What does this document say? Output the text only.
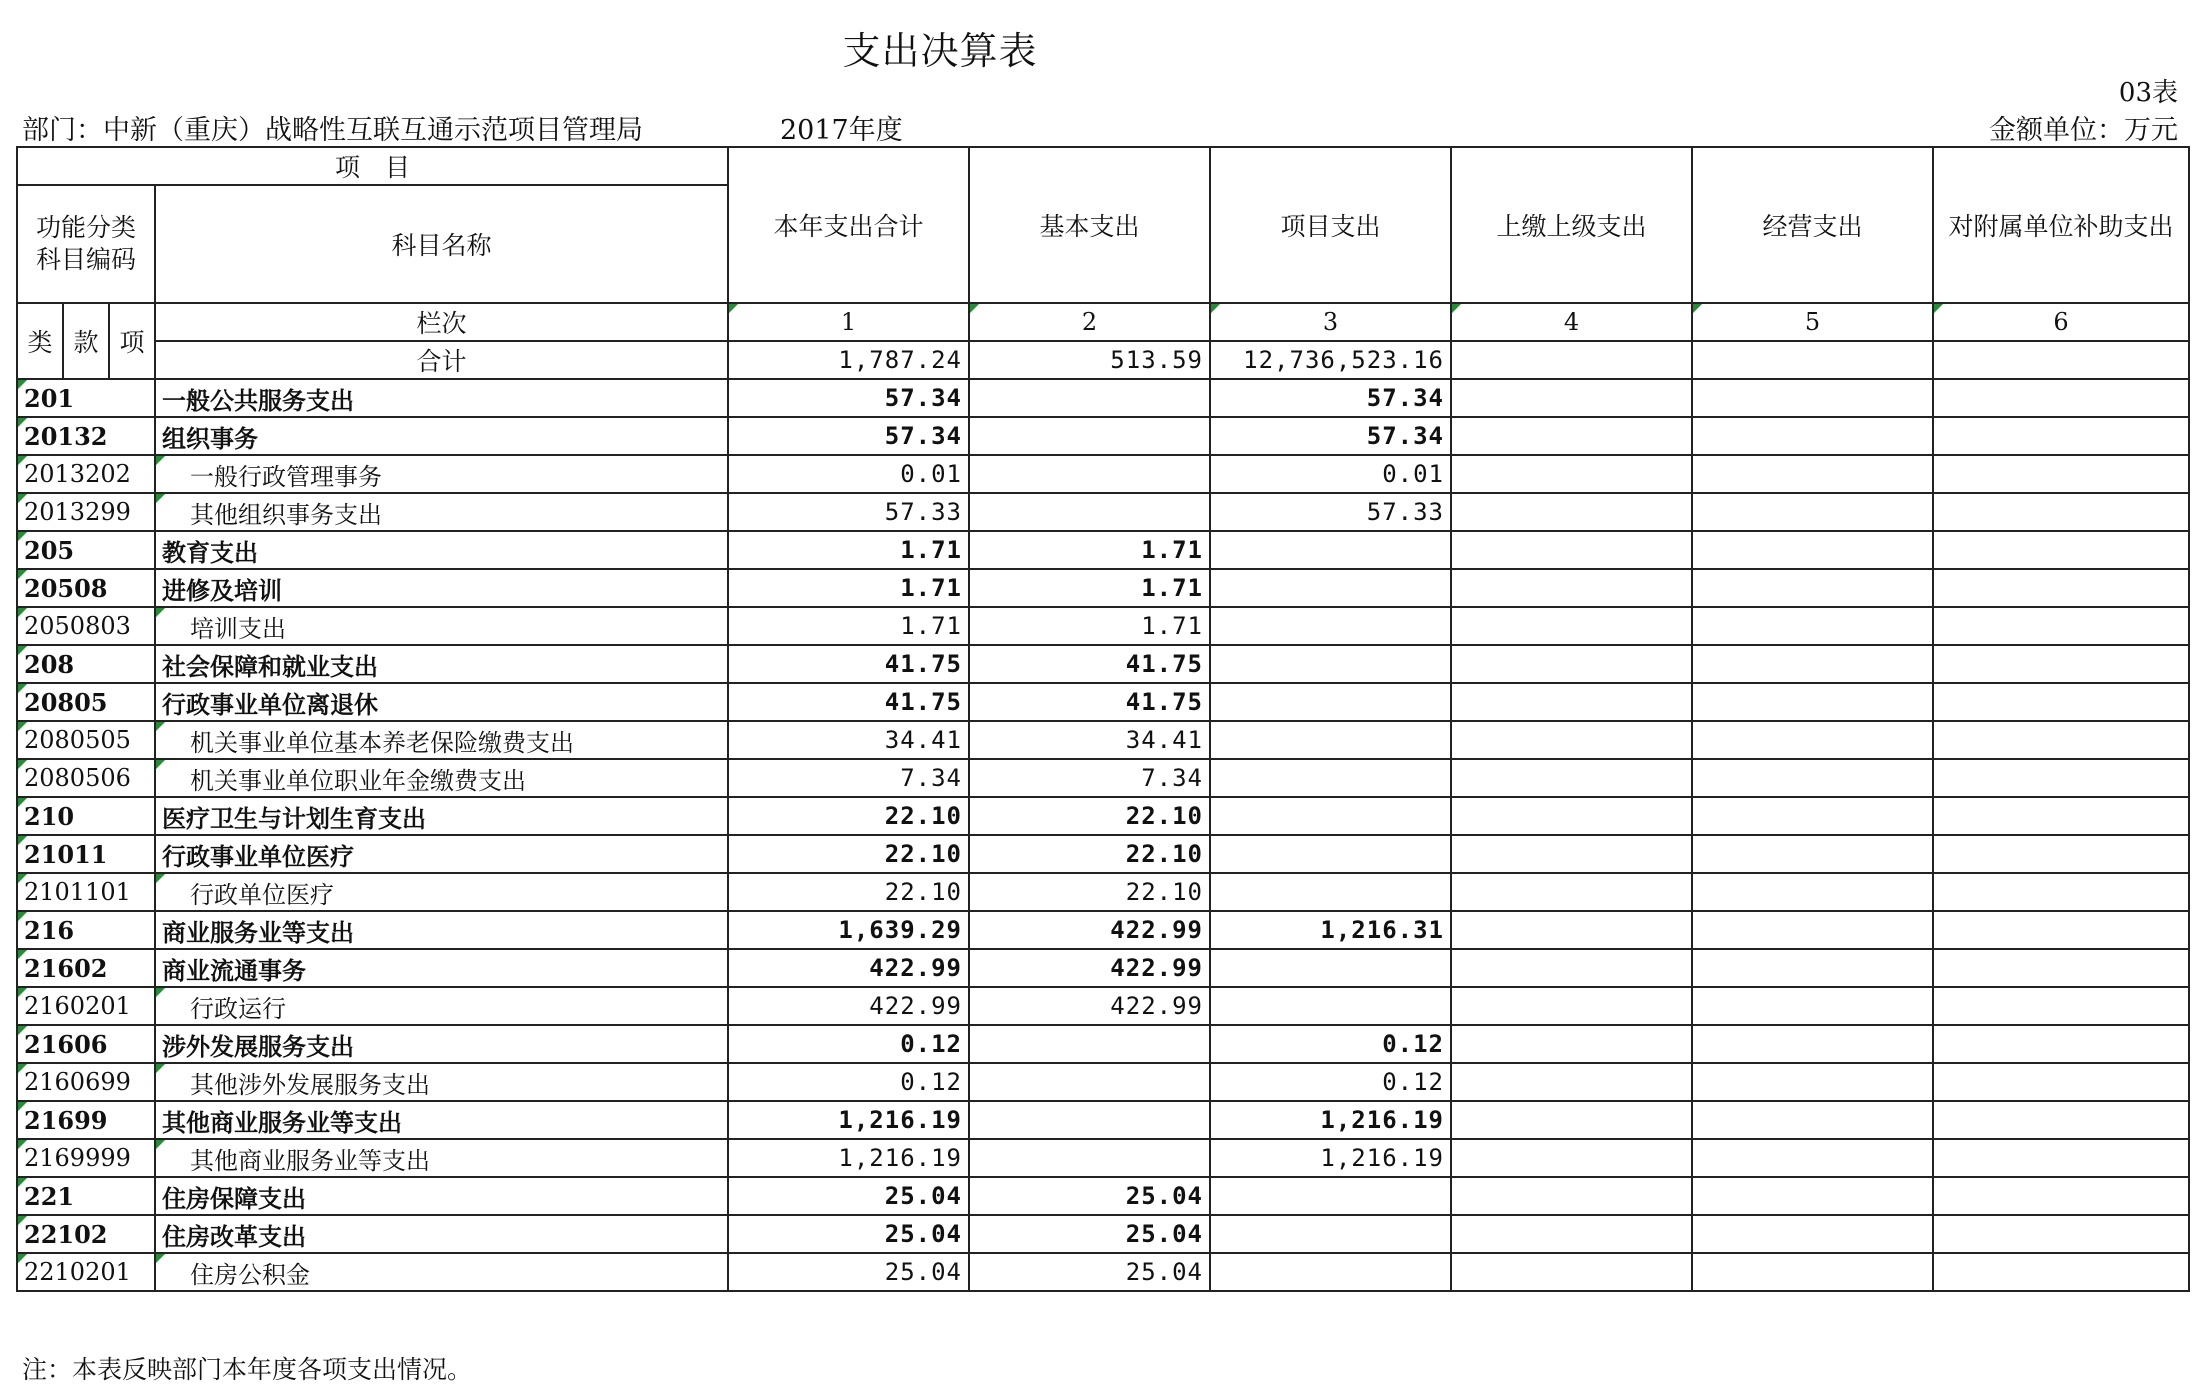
支出决算表
03表
部门：中新（重庆）战略性互联互通示范项目管理局	2017年度	金额单位：万元
项　目				本年支出合计	基本支出	项目支出	上缴上级支出	经营支出	对附属单位补助支出
功能分类科目编码			科目名称						
类	款	项	栏次	1	2	3	4	5	6
			合计	1,787.24	513.59	12,736,523.16			
201			一般公共服务支出	57.34		57.34			
20132			组织事务	57.34		57.34			
2013202			一般行政管理事务	0.01		0.01			
2013299			其他组织事务支出	57.33		57.33			
205			教育支出	1.71	1.71				
20508			进修及培训	1.71	1.71				
2050803			培训支出	1.71	1.71				
208			社会保障和就业支出	41.75	41.75				
20805			行政事业单位离退休	41.75	41.75				
2080505			机关事业单位基本养老保险缴费支出	34.41	34.41				
2080506			机关事业单位职业年金缴费支出	7.34	7.34				
210			医疗卫生与计划生育支出	22.10	22.10				
21011			行政事业单位医疗	22.10	22.10				
2101101			行政单位医疗	22.10	22.10				
216			商业服务业等支出	1,639.29	422.99	1,216.31			
21602			商业流通事务	422.99	422.99				
2160201			行政运行	422.99	422.99				
21606			涉外发展服务支出	0.12		0.12			
2160699			其他涉外发展服务支出	0.12		0.12			
21699			其他商业服务业等支出	1,216.19		1,216.19			
2169999			其他商业服务业等支出	1,216.19		1,216.19			
221			住房保障支出	25.04	25.04				
22102			住房改革支出	25.04	25.04				
2210201			住房公积金	25.04	25.04				
注：本表反映部门本年度各项支出情况。
